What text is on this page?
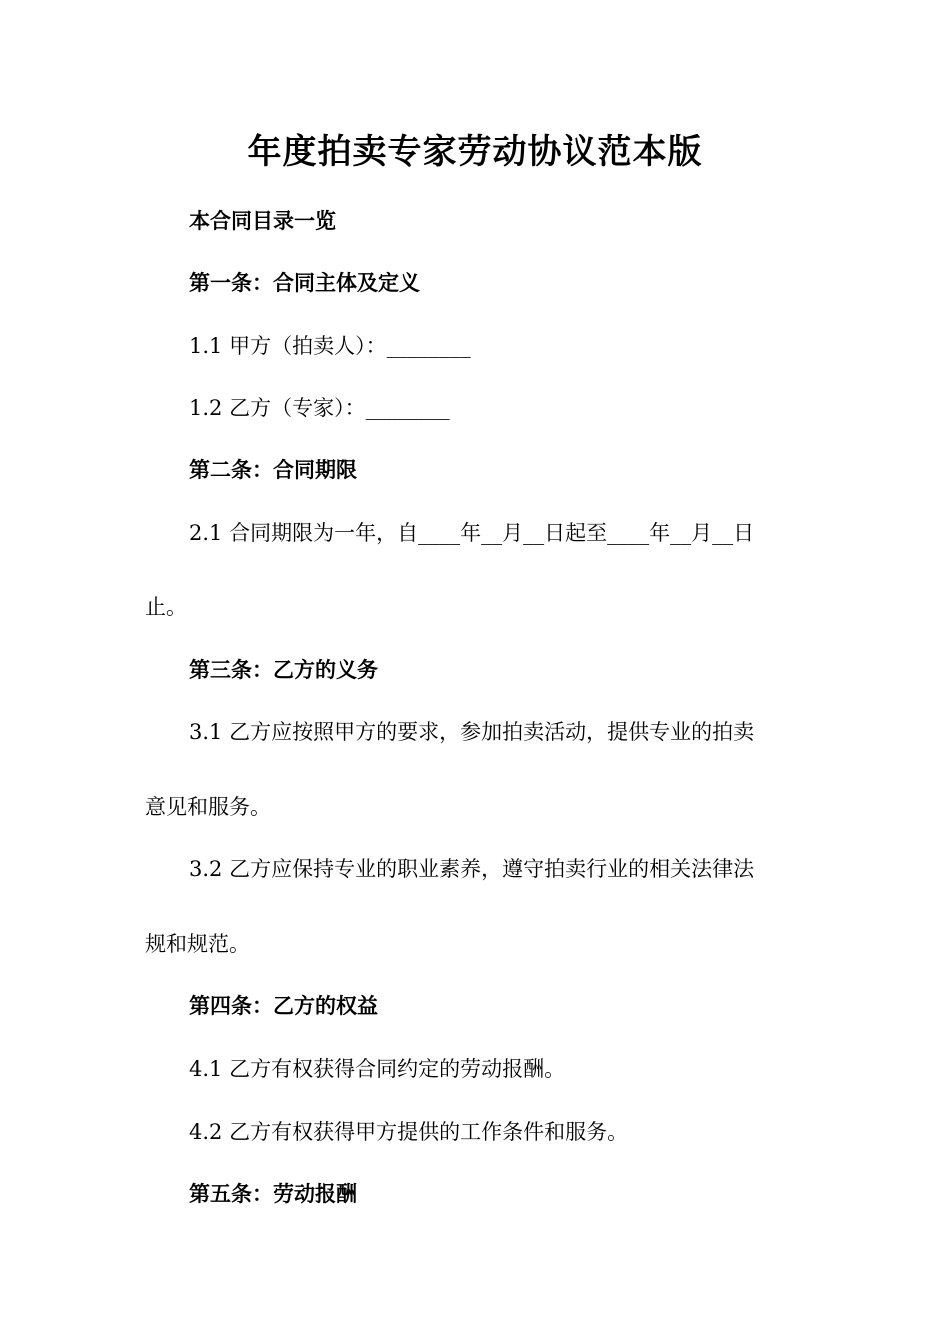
年度拍卖专家劳动协议范本版
本合同目录一览
第一条：合同主体及定义
1.1 甲方（拍卖人）：________
1.2 乙方（专家）：________
第二条：合同期限
2.1 合同期限为一年，自____年__月__日起至____年__月__日
止。
第三条：乙方的义务
3.1 乙方应按照甲方的要求，参加拍卖活动，提供专业的拍卖
意见和服务。
3.2 乙方应保持专业的职业素养，遵守拍卖行业的相关法律法
规和规范。
第四条：乙方的权益
4.1 乙方有权获得合同约定的劳动报酬。
4.2 乙方有权获得甲方提供的工作条件和服务。
第五条：劳动报酬
